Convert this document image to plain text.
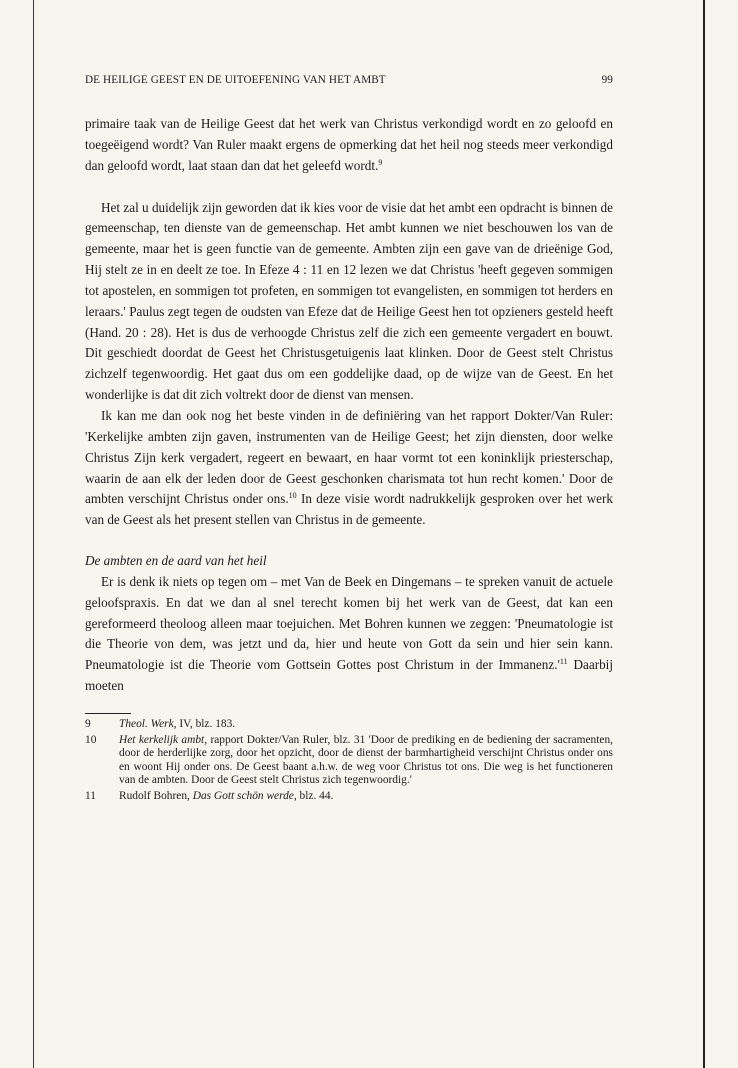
DE HEILIGE GEEST EN DE UITOEFENING VAN HET AMBT	99

primaire taak van de Heilige Geest dat het werk van Christus verkondigd wordt en zo geloofd en toegeëigend wordt? Van Ruler maakt ergens de opmerking dat het heil nog steeds meer verkondigd dan geloofd wordt, laat staan dan dat het geleefd wordt.$^9$

Het zal u duidelijk zijn geworden dat ik kies voor de visie dat het ambt een opdracht is binnen de gemeenschap, ten dienste van de gemeenschap. Het ambt kunnen we niet beschouwen los van de gemeente, maar het is geen functie van de gemeente. Ambten zijn een gave van de drieënige God, Hij stelt ze in en deelt ze toe. In Efeze 4 : 11 en 12 lezen we dat Christus 'heeft gegeven sommigen tot apostelen, en sommigen tot profeten, en sommigen tot evangelisten, en sommigen tot herders en leraars.' Paulus zegt tegen de oudsten van Efeze dat de Heilige Geest hen tot opzieners gesteld heeft (Hand. 20 : 28). Het is dus de verhoogde Christus zelf die zich een gemeente vergadert en bouwt. Dit geschiedt doordat de Geest het Christusgetuigenis laat klinken. Door de Geest stelt Christus zichzelf tegenwoordig. Het gaat dus om een goddelijke daad, op de wijze van de Geest. En het wonderlijke is dat dit zich voltrekt door de dienst van mensen.

Ik kan me dan ook nog het beste vinden in de definiëring van het rapport Dokter/Van Ruler: 'Kerkelijke ambten zijn gaven, instrumenten van de Heilige Geest; het zijn diensten, door welke Christus Zijn kerk vergadert, regeert en bewaart, en haar vormt tot een koninklijk priesterschap, waarin de aan elk der leden door de Geest geschonken charismata tot hun recht komen.' Door de ambten verschijnt Christus onder ons.$^{10}$ In deze visie wordt nadrukkelijk gesproken over het werk van de Geest als het present stellen van Christus in de gemeente.

De ambten en de aard van het heil

Er is denk ik niets op tegen om – met Van de Beek en Dingemans – te spreken vanuit de actuele geloofspraxis. En dat we dan al snel terecht komen bij het werk van de Geest, dat kan een gereformeerd theoloog alleen maar toejuichen. Met Bohren kunnen we zeggen: 'Pneumatologie ist die Theorie von dem, was jetzt und da, hier und heute von Gott da sein und hier sein kann. Pneumatologie ist die Theorie vom Gottsein Gottes post Christum in der $Immanenz.'^{11}$ Daarbij moeten

9 Theol. Werk, IV, blz. 183.
10 Het kerkelijk ambt, rapport Dokter/Van Ruler, blz. 31 'Door de prediking en de bediening der sacramenten, door de herderlijke zorg, door het opzicht, door de dienst der barmhartigheid verschijnt Christus onder ons en woont Hij onder ons. De Geest baant a.h.w. de weg voor Christus tot ons. Die weg is het functioneren van de ambten. Door de Geest stelt Christus zich tegenwoordig.'
11 Rudolf Bohren, Das Gott schön werde, blz. 44.
